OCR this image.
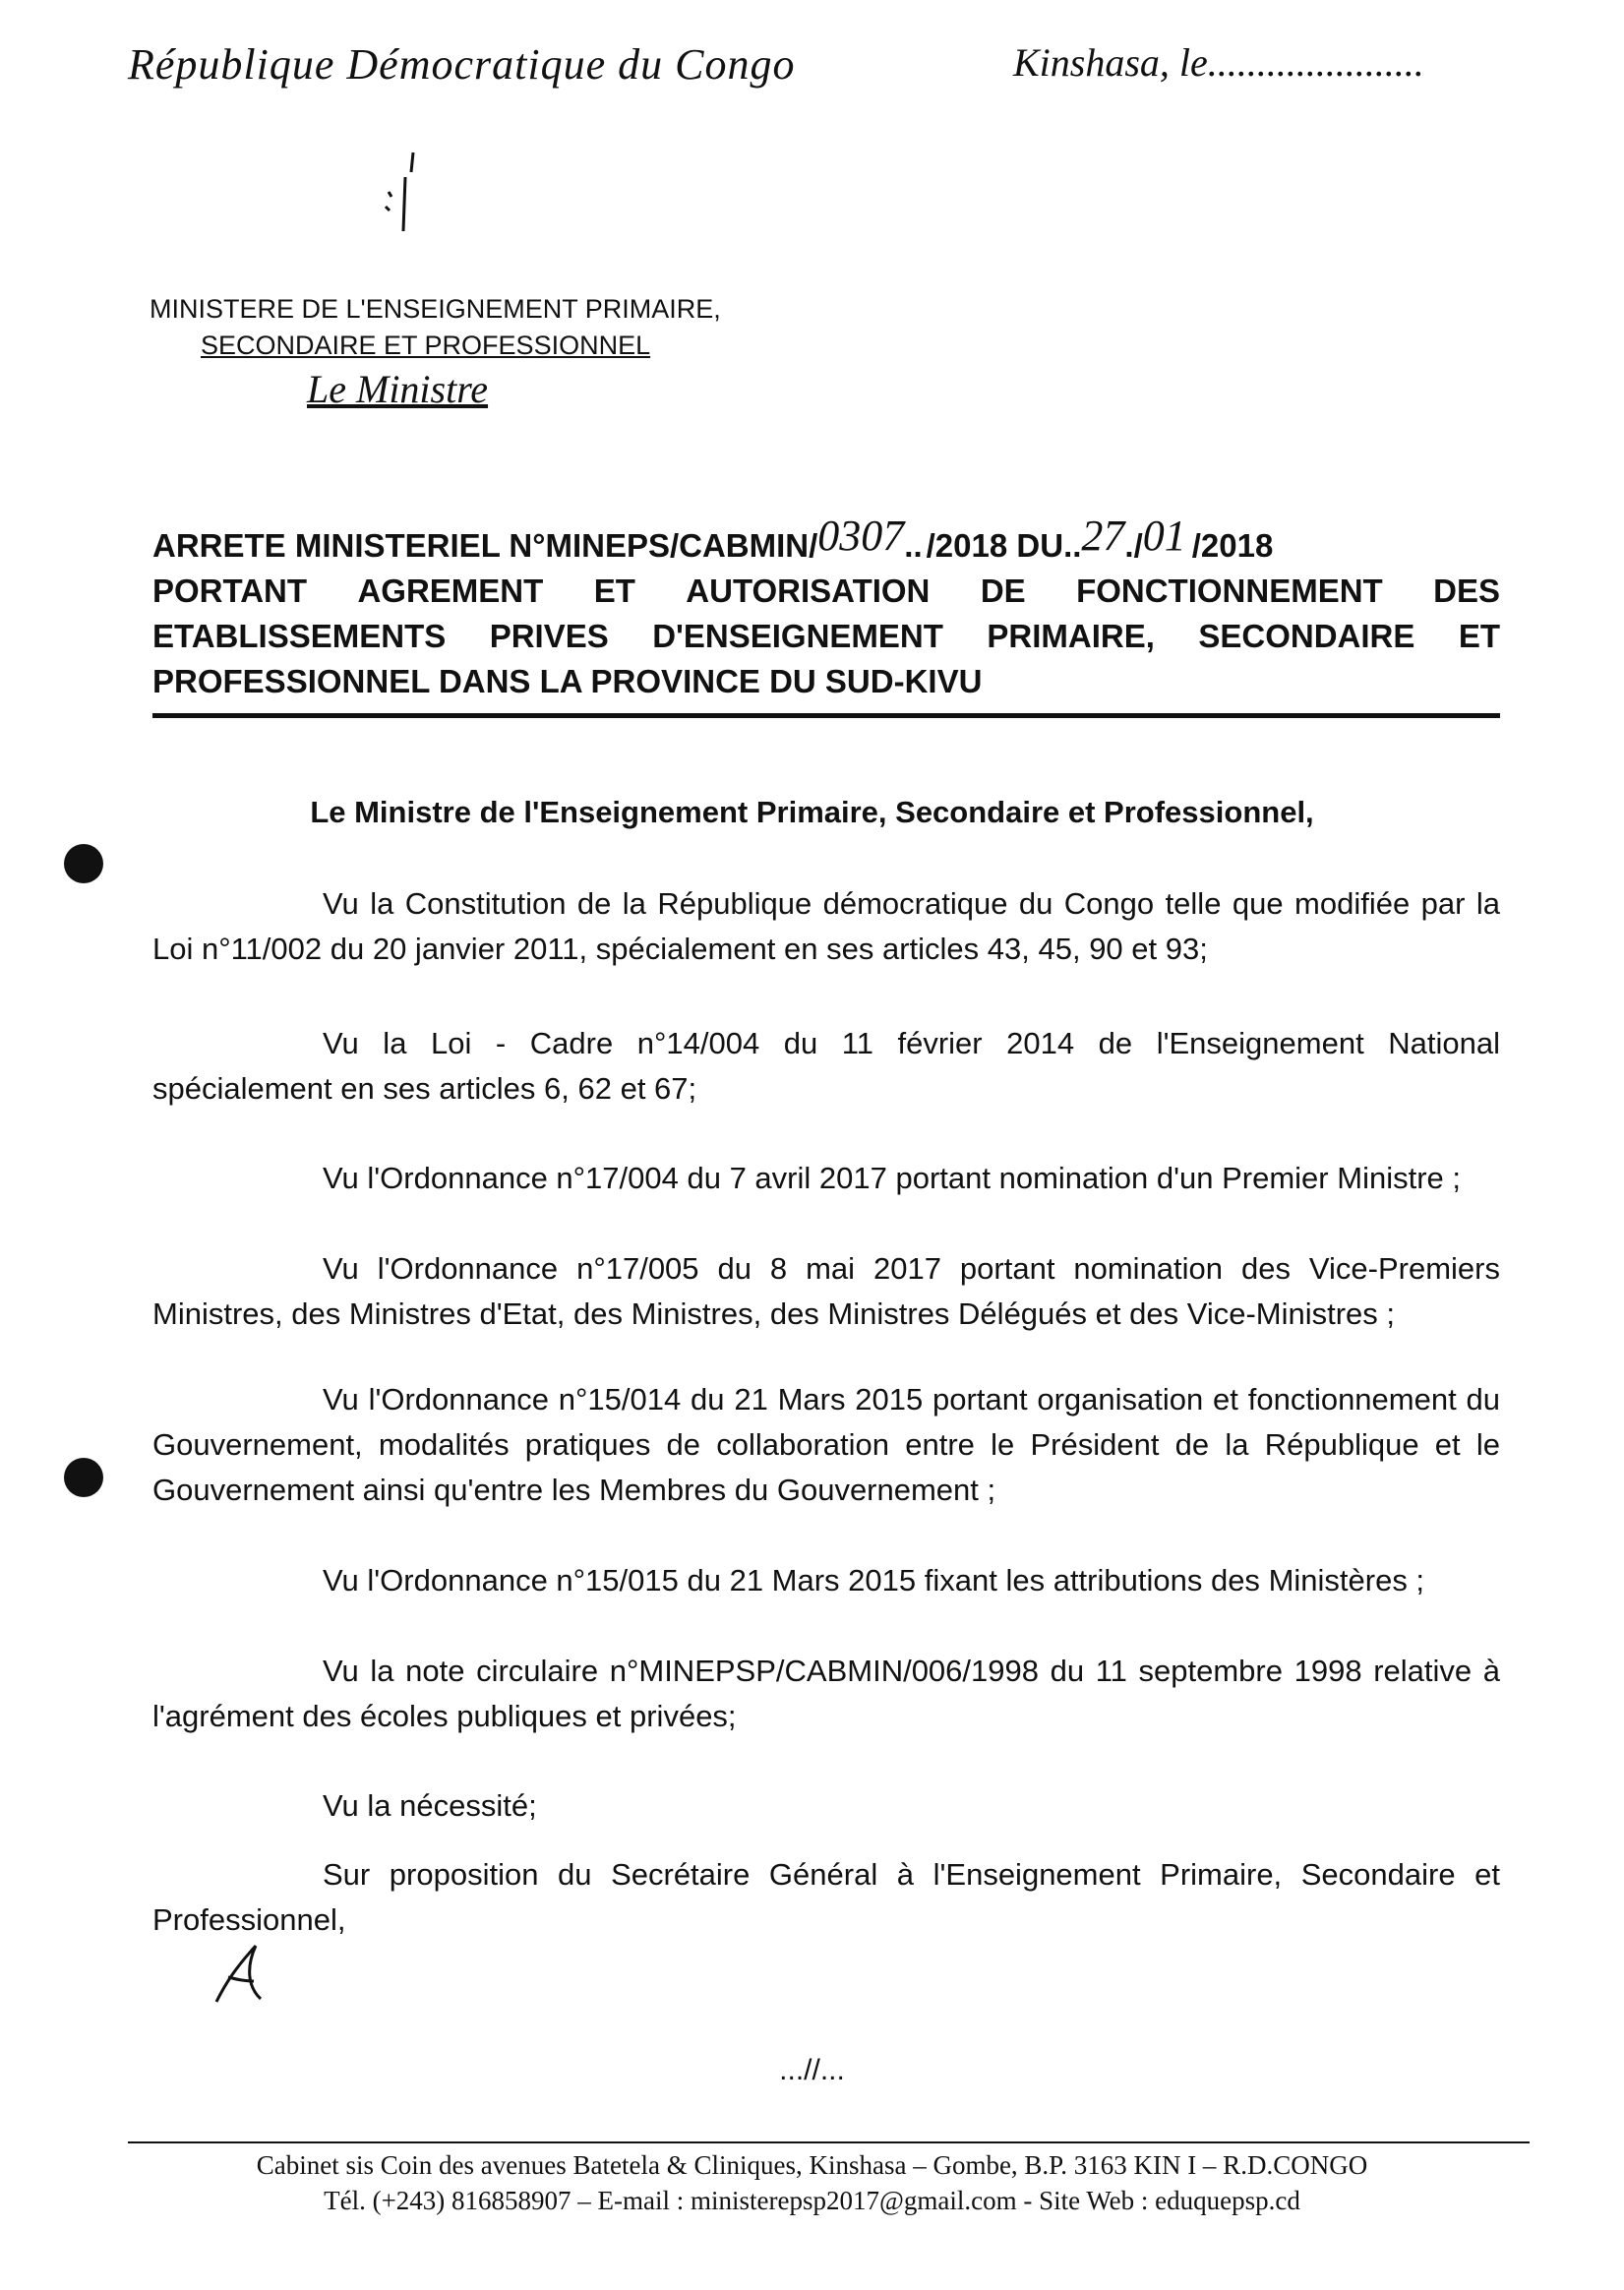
République Démocratique du Congo	Kinshasa, le......................
MINISTERE DE L'ENSEIGNEMENT PRIMAIRE,
SECONDAIRE ET PROFESSIONNEL
Le Ministre
ARRETE MINISTERIEL N°MINEPS/CABMIN/ 0307 .. /2018 DU .. 27 . / 01 /2018
PORTANT AGREMENT ET AUTORISATION DE FONCTIONNEMENT DES
ETABLISSEMENTS PRIVES D'ENSEIGNEMENT PRIMAIRE, SECONDAIRE ET
PROFESSIONNEL DANS LA PROVINCE DU SUD-KIVU
Le Ministre de l'Enseignement Primaire, Secondaire et Professionnel,
Vu la Constitution de la République démocratique du Congo telle que modifiée par la Loi n°11/002 du 20 janvier 2011, spécialement en ses articles 43, 45, 90 et 93;
Vu la Loi - Cadre n°14/004 du 11 février 2014 de l'Enseignement National spécialement en ses articles 6, 62 et 67;
Vu l'Ordonnance n°17/004 du 7 avril 2017 portant nomination d'un Premier Ministre ;
Vu l'Ordonnance n°17/005 du 8 mai 2017 portant nomination des Vice-Premiers Ministres, des Ministres d'Etat, des Ministres, des Ministres Délégués et des Vice-Ministres ;
Vu l'Ordonnance n°15/014 du 21 Mars 2015 portant organisation et fonctionnement du Gouvernement, modalités pratiques de collaboration entre le Président de la République et le Gouvernement ainsi qu'entre les Membres du Gouvernement ;
Vu l'Ordonnance n°15/015 du 21 Mars 2015 fixant les attributions des Ministères ;
Vu la note circulaire n°MINEPSP/CABMIN/006/1998 du 11 septembre 1998 relative à l'agrément des écoles publiques et privées;
Vu la nécessité;
Sur proposition du Secrétaire Général à l'Enseignement Primaire, Secondaire et Professionnel,
...//...
Cabinet sis Coin des avenues Batetela & Cliniques, Kinshasa – Gombe, B.P. 3163 KIN I – R.D.CONGO
Tél. (+243) 816858907 – E-mail : ministerepsp2017@gmail.com - Site Web : eduquepsp.cd
